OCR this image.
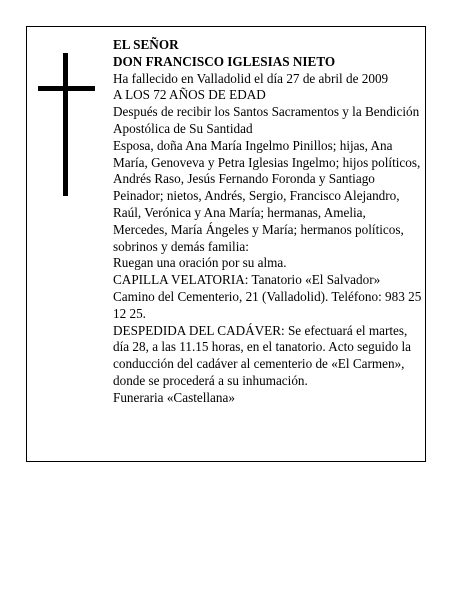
EL SEÑOR

DON FRANCISCO IGLESIAS NIETO

Ha fallecido en Valladolid el día 27 de abril de 2009

A LOS 72 AÑOS DE EDAD

Después de recibir los Santos Sacramentos y la Bendición Apostólica de Su Santidad

Esposa, doña Ana María Ingelmo Pinillos; hijas, Ana María, Genoveva y Petra Iglesias Ingelmo; hijos políticos, Andrés Raso, Jesús Fernando Foronda y Santiago Peinador; nietos, Andrés, Sergio, Francisco Alejandro, Raúl, Verónica y Ana María; hermanas, Amelia, Mercedes, María Ángeles y María; hermanos políticos, sobrinos y demás familia:

Ruegan una oración por su alma.

CAPILLA VELATORIA: Tanatorio «El Salvador» Camino del Cementerio, 21 (Valladolid). Teléfono: 983 25 12 25.

DESPEDIDA DEL CADÁVER: Se efectuará el martes, día 28, a las 11.15 horas, en el tanatorio. Acto seguido la conducción del cadáver al cementerio de «El Carmen», donde se procederá a su inhumación.

Funeraria «Castellana»
